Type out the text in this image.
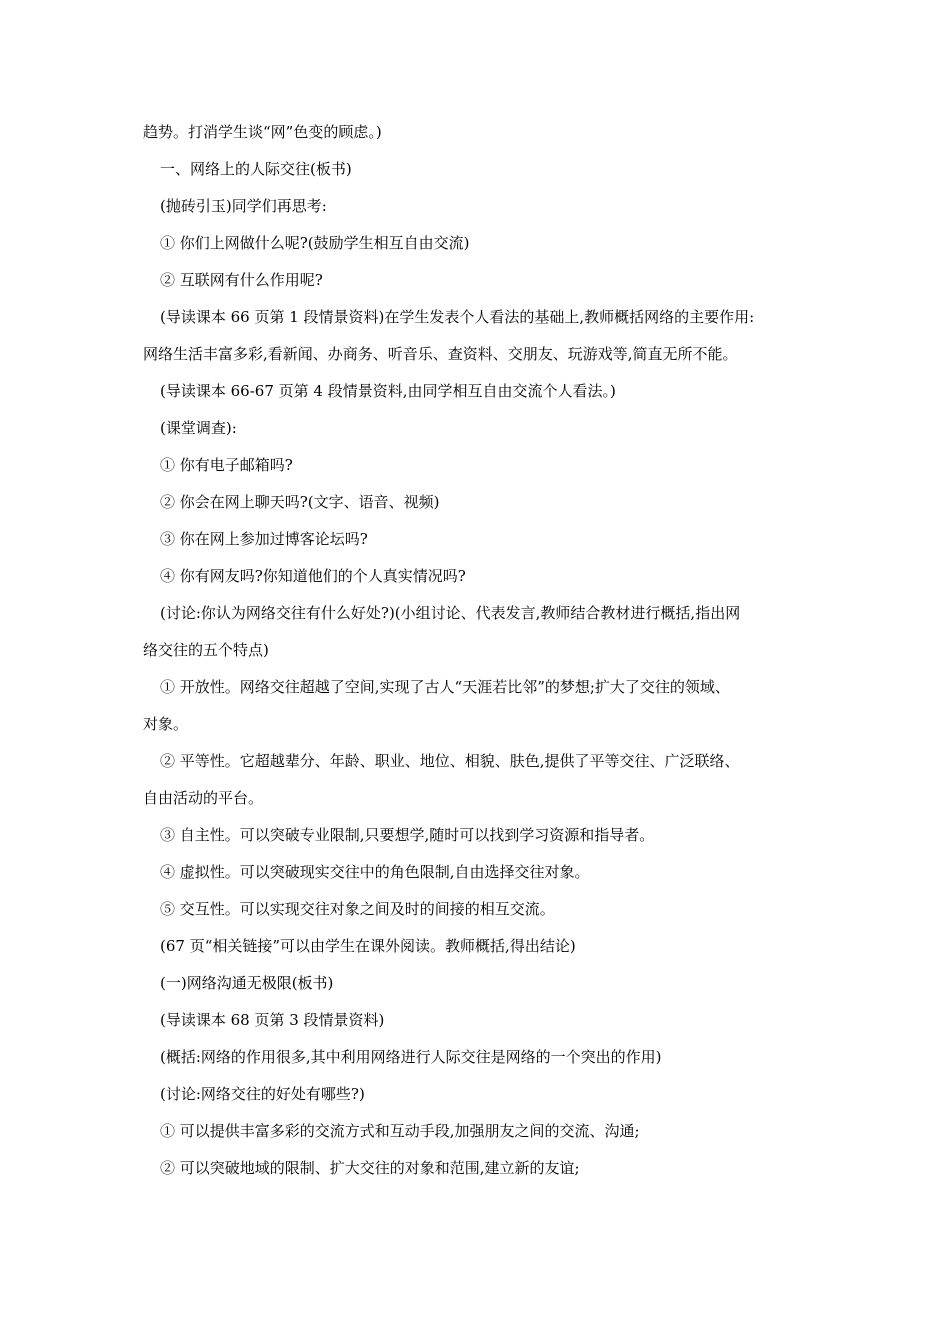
趋势。打消学生谈“网”色变的顾虑。)

一、网络上的人际交往(板书)

(抛砖引玉)同学们再思考:

① 你们上网做什么呢?(鼓励学生相互自由交流)

② 互联网有什么作用呢?

(导读课本 66 页第 1 段情景资料)在学生发表个人看法的基础上,教师概括网络的主要作用:

网络生活丰富多彩,看新闻、办商务、听音乐、查资料、交朋友、玩游戏等,简直无所不能。

(导读课本 66-67 页第 4 段情景资料,由同学相互自由交流个人看法。)

(课堂调查):

① 你有电子邮箱吗?

② 你会在网上聊天吗?(文字、语音、视频)

③ 你在网上参加过博客论坛吗?

④ 你有网友吗?你知道他们的个人真实情况吗?

(讨论:你认为网络交往有什么好处?)(小组讨论、代表发言,教师结合教材进行概括,指出网

络交往的五个特点)

① 开放性。网络交往超越了空间,实现了古人“天涯若比邻”的梦想;扩大了交往的领域、

对象。

② 平等性。它超越辈分、年龄、职业、地位、相貌、肤色,提供了平等交往、广泛联络、

自由活动的平台。

③ 自主性。可以突破专业限制,只要想学,随时可以找到学习资源和指导者。

④ 虚拟性。可以突破现实交往中的角色限制,自由选择交往对象。

⑤ 交互性。可以实现交往对象之间及时的间接的相互交流。

(67 页“相关链接”可以由学生在课外阅读。教师概括,得出结论)

(一)网络沟通无极限(板书)

(导读课本 68 页第 3 段情景资料)

(概括:网络的作用很多,其中利用网络进行人际交往是网络的一个突出的作用)

(讨论:网络交往的好处有哪些?)

① 可以提供丰富多彩的交流方式和互动手段,加强朋友之间的交流、沟通;

② 可以突破地域的限制、扩大交往的对象和范围,建立新的友谊;
